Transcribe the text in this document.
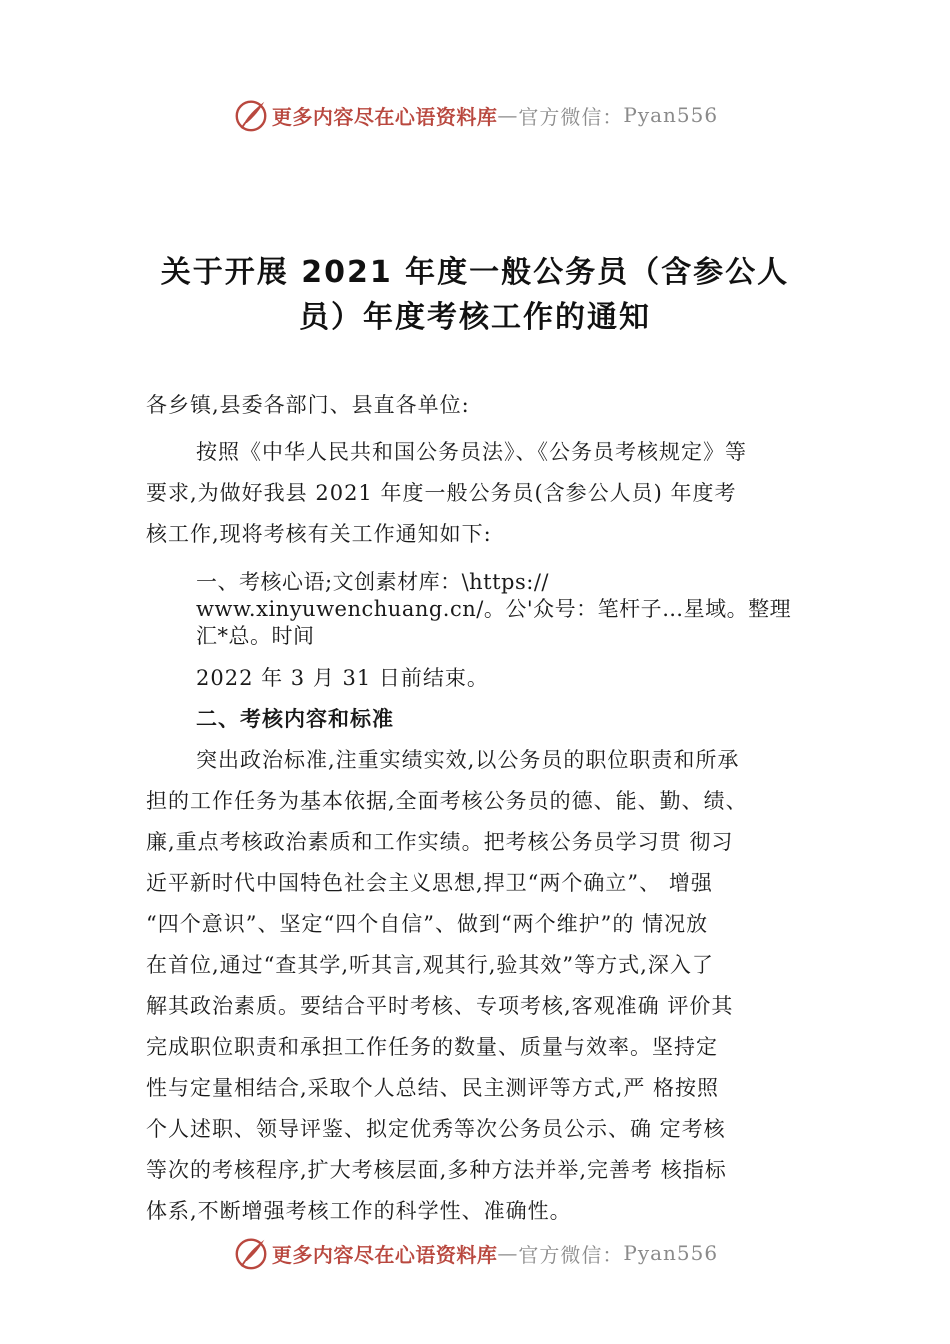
更多内容尽在心语资料库 — 官方微信： Pyan556
关于开展 2021 年度一般公务员（含参公人
员）年度考核工作的通知

各乡镇,县委各部门、县直各单位:

按照《中华人民共和国公务员法》、《公务员考核规定》等

要求,为做好我县 2021 年度一般公务员(含参公人员) 年度考

核工作,现将考核有关工作通知如下:

一、考核心语;文创素材库：\https://
www.xinyuwenchuang.cn/。公'众号：笔杆子…星域。整理
汇*总。时间

2022 年 3 月 31 日前结束。

二、考核内容和标准

突出政治标准,注重实绩实效,以公务员的职位职责和所承

担的工作任务为基本依据,全面考核公务员的德、能、勤、绩、

廉,重点考核政治素质和工作实绩。把考核公务员学习贯 彻习

近平新时代中国特色社会主义思想,捍卫“两个确立”、 增强

“四个意识”、坚定“四个自信”、做到“两个维护”的 情况放

在首位,通过“查其学,听其言,观其行,验其效”等方式,深入了

解其政治素质。要结合平时考核、专项考核,客观准确 评价其

完成职位职责和承担工作任务的数量、质量与效率。坚持定

性与定量相结合,采取个人总结、民主测评等方式,严 格按照

个人述职、领导评鉴、拟定优秀等次公务员公示、确 定考核

等次的考核程序,扩大考核层面,多种方法并举,完善考 核指标

体系,不断增强考核工作的科学性、准确性。

更多内容尽在心语资料库 — 官方微信： Pyan556
